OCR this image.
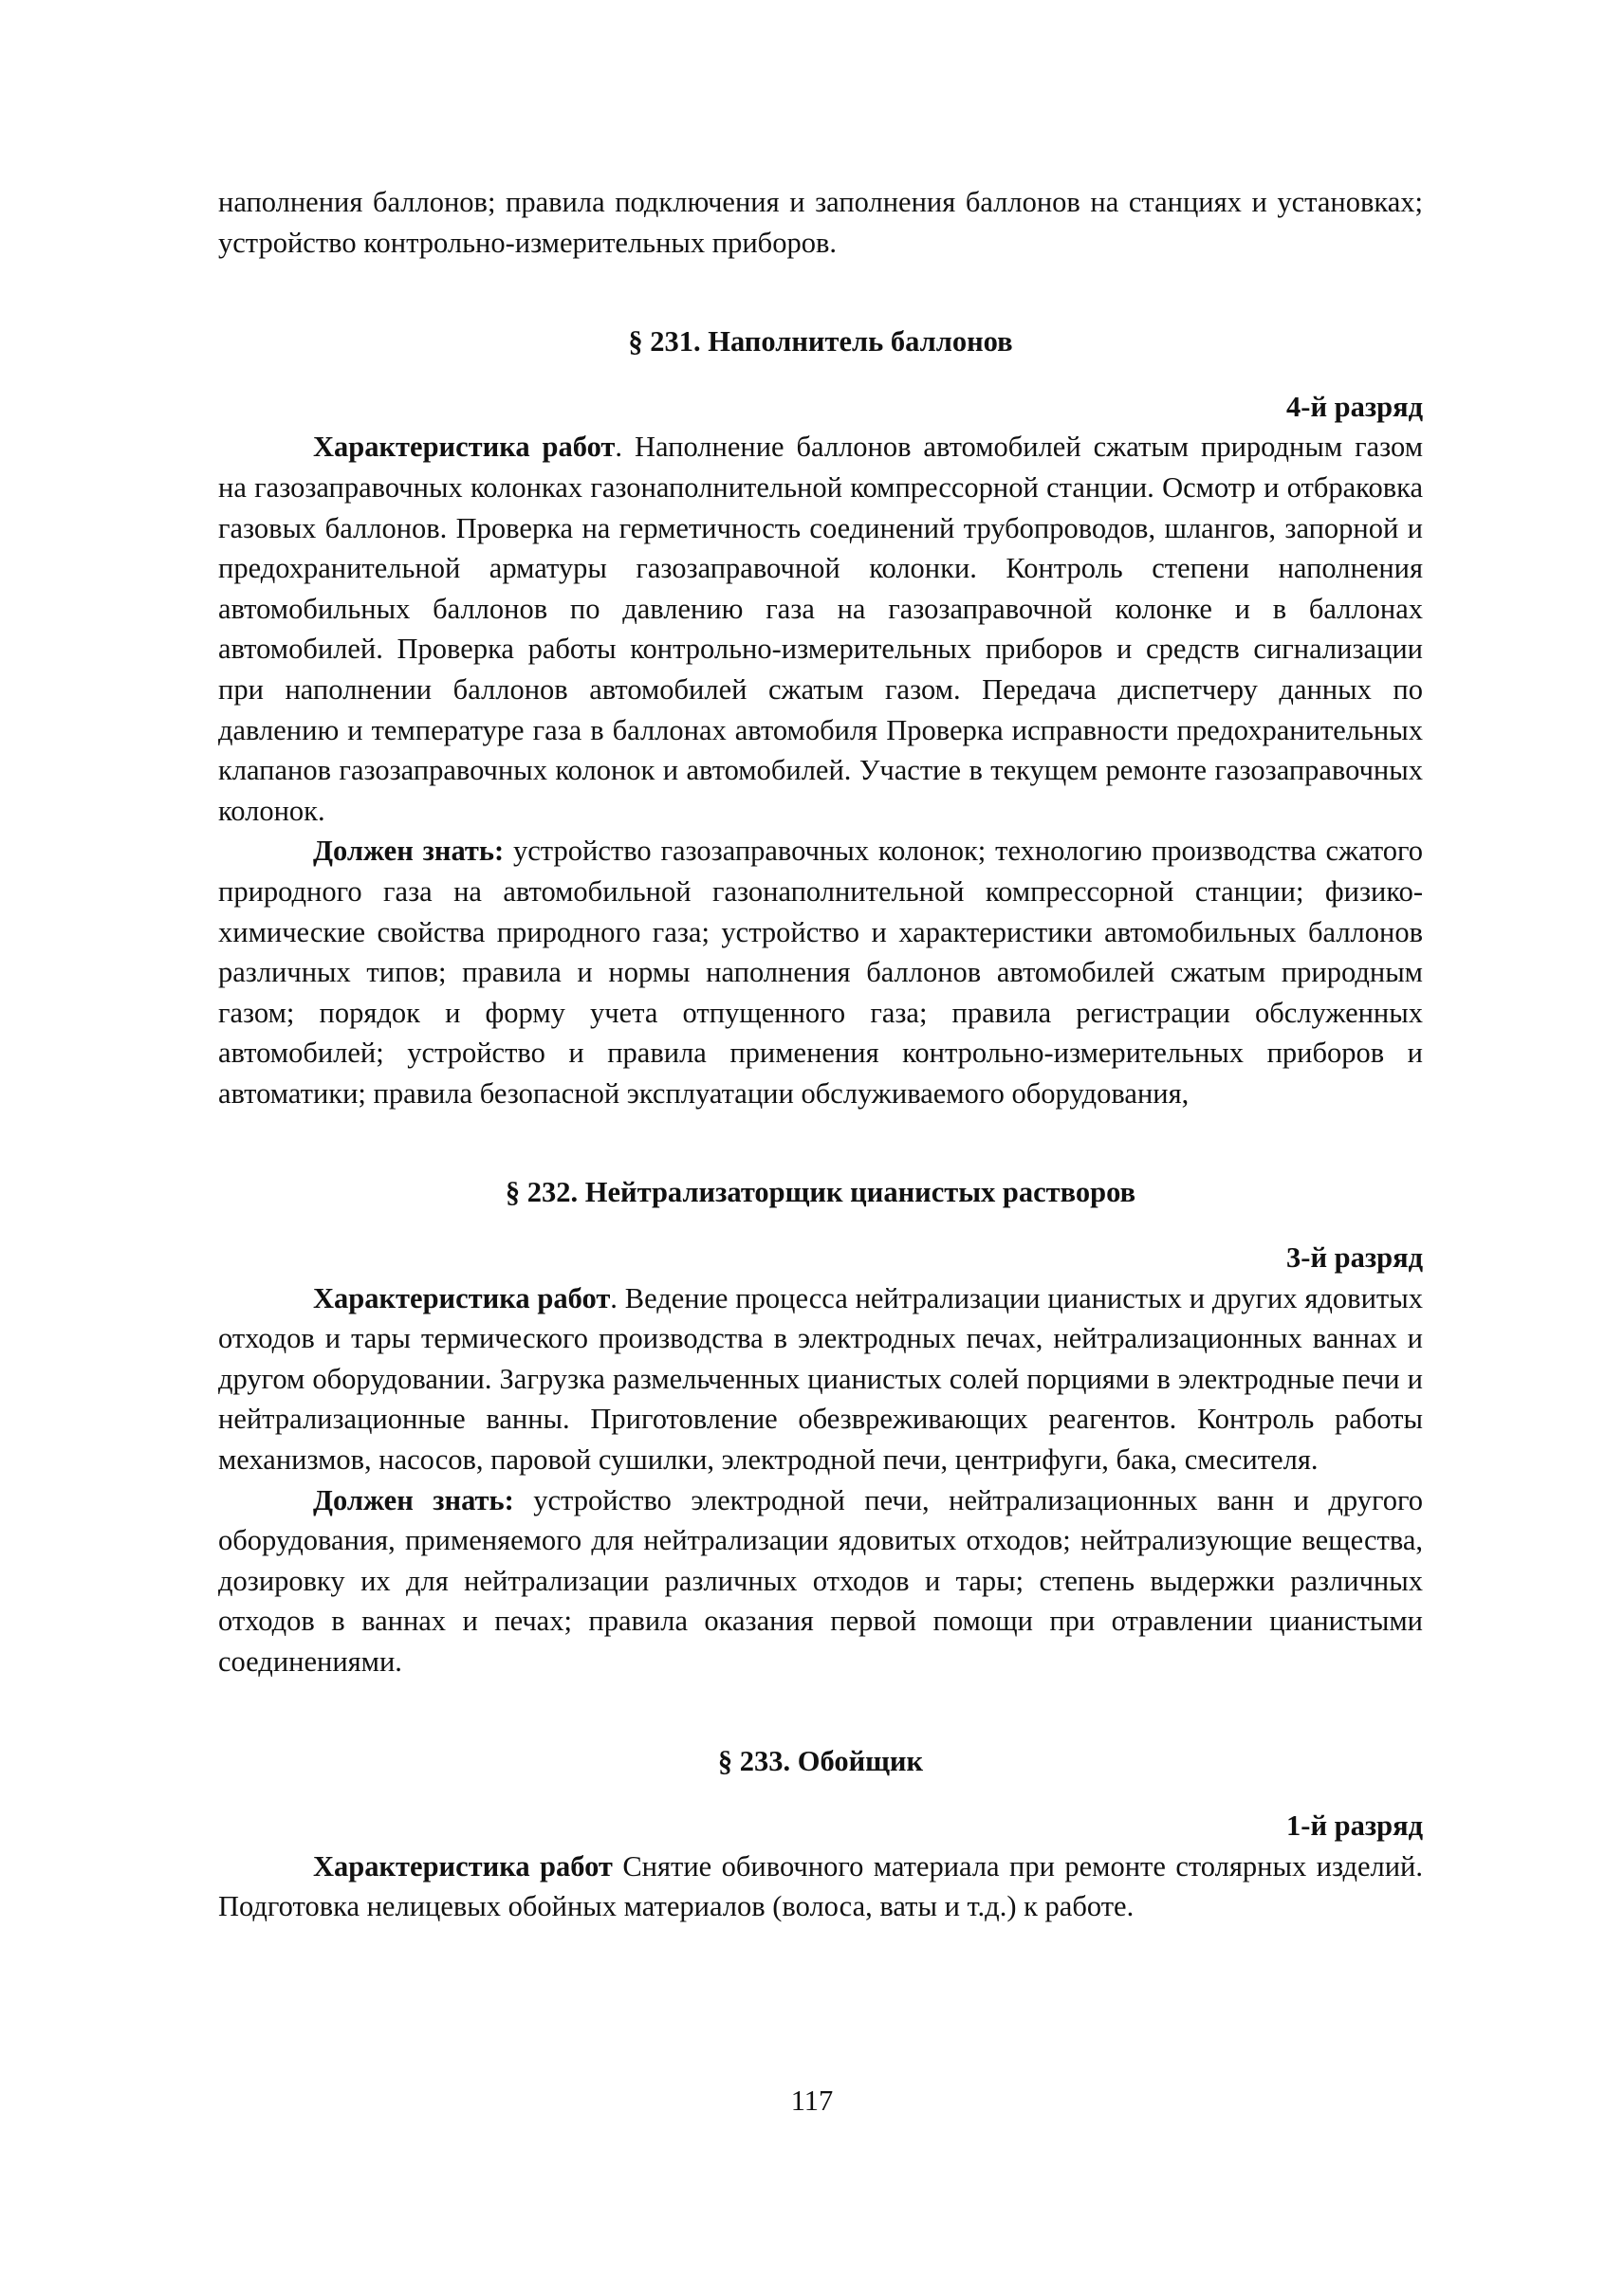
наполнения баллонов; правила подключения и заполнения баллонов на станциях и установках; устройство контрольно-измерительных приборов.

§ 231. Наполнитель баллонов

4-й разряд

Характеристика работ. Наполнение баллонов автомобилей сжатым природным газом на газозаправочных колонках газонаполнительной компрессорной станции. Осмотр и отбраковка газовых баллонов. Проверка на герметичность соединений трубопроводов, шлангов, запорной и предохранительной арматуры газозаправочной колонки. Контроль степени наполнения автомобильных баллонов по давлению газа на газозаправочной колонке и в баллонах автомобилей. Проверка работы контрольно-измерительных приборов и средств сигнализации при наполнении баллонов автомобилей сжатым газом. Передача диспетчеру данных по давлению и температуре газа в баллонах автомобиля Проверка исправности предохранительных клапанов газозаправочных колонок и автомобилей. Участие в текущем ремонте газозаправочных колонок.

Должен знать: устройство газозаправочных колонок; технологию производства сжатого природного газа на автомобильной газонаполнительной компрессорной станции; физико-химические свойства природного газа; устройство и характеристики автомобильных баллонов различных типов; правила и нормы наполнения баллонов автомобилей сжатым природным газом; порядок и форму учета отпущенного газа; правила регистрации обслуженных автомобилей; устройство и правила применения контрольно-измерительных приборов и автоматики; правила безопасной эксплуатации обслуживаемого оборудования,

§ 232. Нейтрализаторщик цианистых растворов

3-й разряд

Характеристика работ. Ведение процесса нейтрализации цианистых и других ядовитых отходов и тары термического производства в электродных печах, нейтрализационных ваннах и другом оборудовании. Загрузка размельченных цианистых солей порциями в электродные печи и нейтрализационные ванны. Приготовление обезвреживающих реагентов. Контроль работы механизмов, насосов, паровой сушилки, электродной печи, центрифуги, бака, смесителя.

Должен знать: устройство электродной печи, нейтрализационных ванн и другого оборудования, применяемого для нейтрализации ядовитых отходов; нейтрализующие вещества, дозировку их для нейтрализации различных отходов и тары; степень выдержки различных отходов в ваннах и печах; правила оказания первой помощи при отравлении цианистыми соединениями.

§ 233. Обойщик

1-й разряд

Характеристика работ Снятие обивочного материала при ремонте столярных изделий. Подготовка нелицевых обойных материалов (волоса, ваты и т.д.) к работе.

117
